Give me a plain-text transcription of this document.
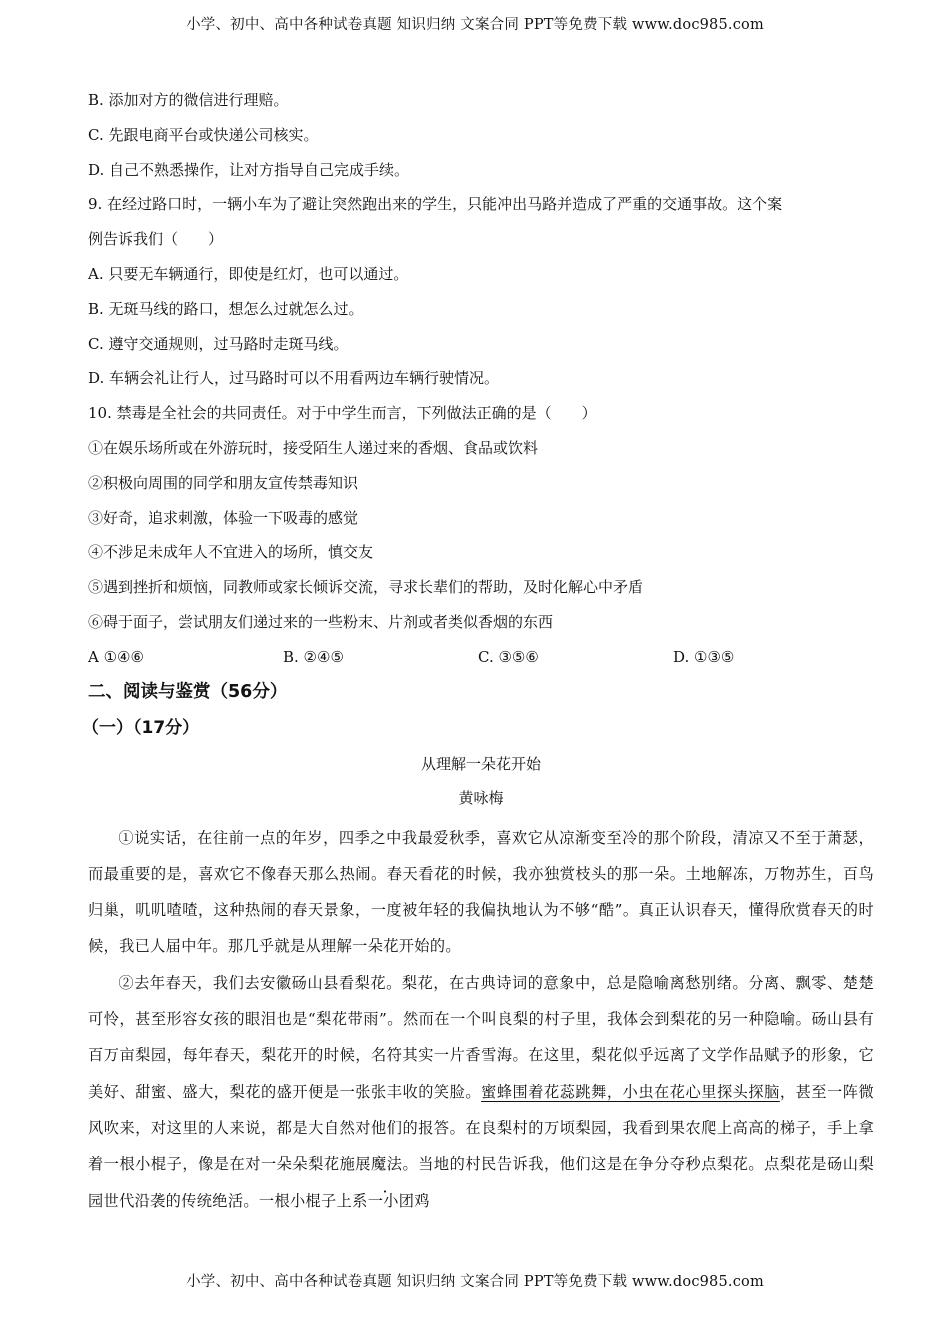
小学、初中、高中各种试卷真题 知识归纳 文案合同 PPT等免费下载 www.doc985.com
B. 添加对方的微信进行理赔。
C. 先跟电商平台或快递公司核实。
D. 自己不熟悉操作，让对方指导自己完成手续。
9. 在经过路口时，一辆小车为了避让突然跑出来的学生，只能冲出马路并造成了严重的交通事故。这个案
例告诉我们（　　）
A. 只要无车辆通行，即使是红灯，也可以通过。
B. 无斑马线的路口，想怎么过就怎么过。
C. 遵守交通规则，过马路时走斑马线。
D. 车辆会礼让行人，过马路时可以不用看两边车辆行驶情况。
10. 禁毒是全社会的共同责任。对于中学生而言，下列做法正确的是（　　）
①在娱乐场所或在外游玩时，接受陌生人递过来的香烟、食品或饮料
②积极向周围的同学和朋友宣传禁毒知识
③好奇，追求刺激，体验一下吸毒的感觉
④不涉足未成年人不宜进入的场所，慎交友
⑤遇到挫折和烦恼，同教师或家长倾诉交流，寻求长辈们的帮助，及时化解心中矛盾
⑥碍于面子，尝试朋友们递过来的一些粉末、片剂或者类似香烟的东西
A ①④⑥	B. ②④⑤	C. ③⑤⑥	D. ①③⑤
二、阅读与鉴赏（56分）
（一）（17分）
从理解一朵花开始
黄咏梅

①说实话，在往前一点的年岁，四季之中我最爱秋季，喜欢它从凉渐变至冷的那个阶段，清凉又不至于萧瑟，而最重要的是，喜欢它不像春天那么热闹。春天看花的时候，我亦独赏枝头的那一朵。土地解冻，万物苏生，百鸟归巢，叽叽喳喳，这种热闹的春天景象，一度被年轻的我偏执地认为不够“酷”。真正认识春天，懂得欣赏春天的时候，我已人届中年。那几乎就是从理解一朵花开始的。

②去年春天，我们去安徽砀山县看梨花。梨花，在古典诗词的意象中，总是隐喻离愁别绪。分离、飘零、楚楚可怜，甚至形容女孩的眼泪也是“梨花带雨”。然而在一个叫良梨的村子里，我体会到梨花的另一种隐喻。砀山县有百万亩梨园，每年春天，梨花开的时候，名符其实一片香雪海。在这里，梨花似乎远离了文学作品赋予的形象，它美好、甜蜜、盛大，梨花的盛开便是一张张丰收的笑脸。蜜蜂围着花蕊跳舞，小虫在花心里探头探脑，甚至一阵微风吹来，对这里的人来说，都是大自然对他们的报答。在良梨村的万顷梨园，我看到果农爬上高高的梯子，手上拿着一根小棍子，像是在对一朵朵梨花施展魔法。当地的村民告诉我，他们这是在争分夺秒点梨花。点梨花是砀山梨园世代沿袭的传统绝活。一根小棍子上系一小团鸡

小学、初中、高中各种试卷真题 知识归纳 文案合同 PPT等免费下载 www.doc985.com
